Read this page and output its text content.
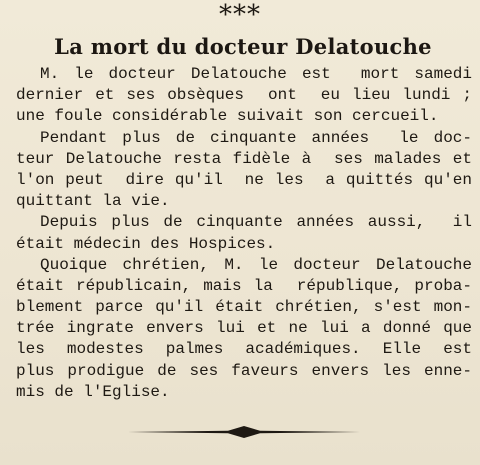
***
La mort du docteur Delatouche
M. le docteur Delatouche est  mort samedi
dernier et ses obsèques  ont  eu lieu lundi ;
une foule considérable suivait son cercueil.
Pendant plus de cinquante années  le doc-
teur Delatouche resta fidèle à  ses malades et
l'on peut  dire qu'il  ne les  a quittés qu'en
quittant la vie.
Depuis plus de cinquante années aussi,  il
était médecin des Hospices.
Quoique chrétien, M. le docteur Delatouche
était républicain, mais la  république, proba-
blement parce qu'il était chrétien, s'est mon-
trée ingrate envers lui et ne lui a donné que
les modestes palmes académiques. Elle est
plus prodigue de ses faveurs envers les enne-
mis de l'Eglise.
